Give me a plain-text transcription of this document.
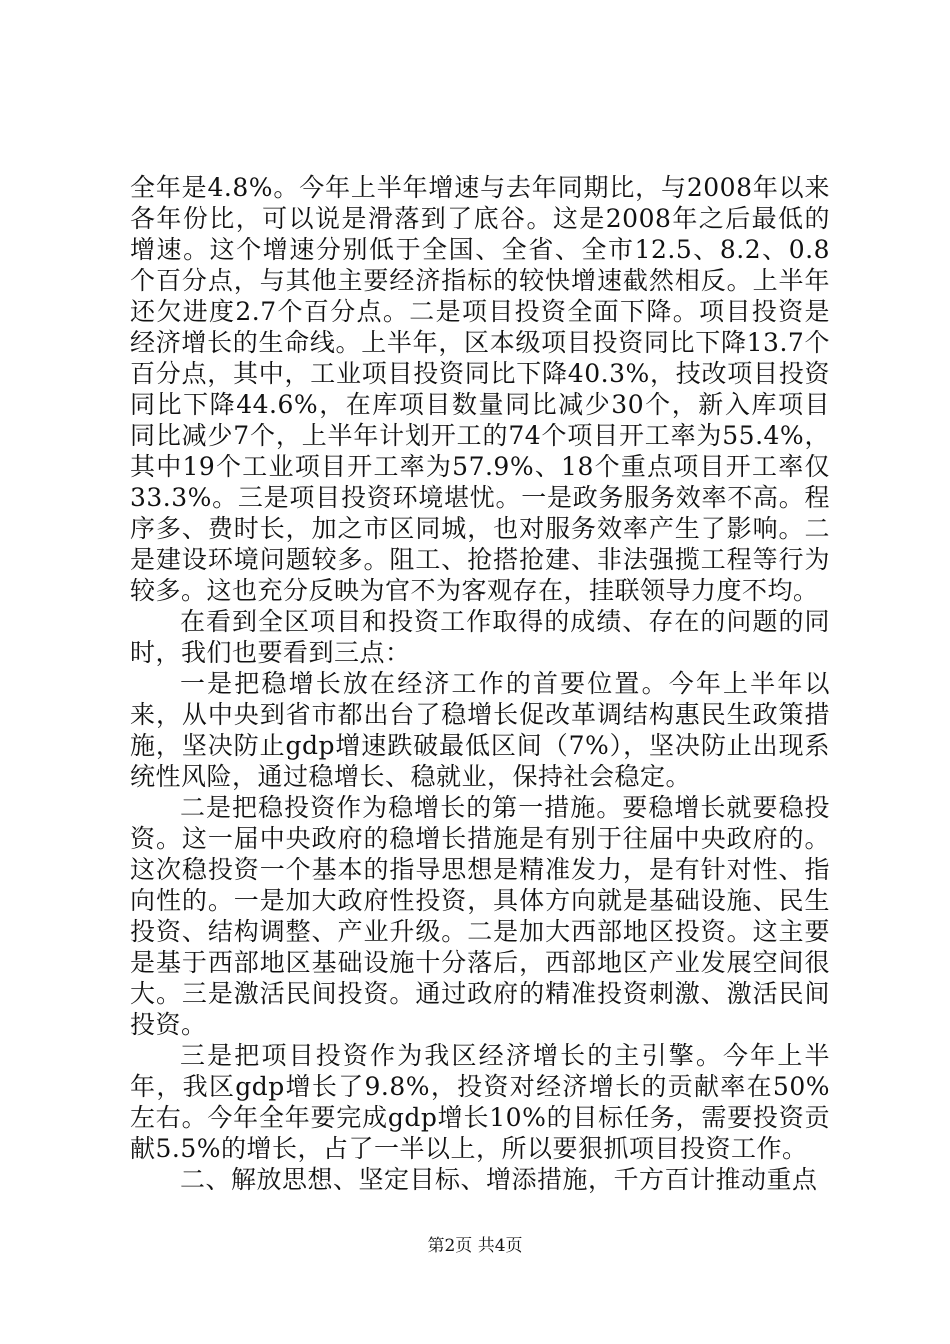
全年是4.8%。今年上半年增速与去年同期比，与2008年以来各年份比，可以说是滑落到了底谷。这是2008年之后最低的增速。这个增速分别低于全国、全省、全市12.5、8.2、0.8个百分点，与其他主要经济指标的较快增速截然相反。上半年还欠进度2.7个百分点。二是项目投资全面下降。项目投资是经济增长的生命线。上半年，区本级项目投资同比下降13.7个百分点，其中，工业项目投资同比下降40.3%，技改项目投资同比下降44.6%，在库项目数量同比减少30个，新入库项目同比减少7个，上半年计划开工的74个项目开工率为55.4%，其中19个工业项目开工率为57.9%、18个重点项目开工率仅33.3%。三是项目投资环境堪忧。一是政务服务效率不高。程序多、费时长，加之市区同城，也对服务效率产生了影响。二是建设环境问题较多。阻工、抢搭抢建、非法强揽工程等行为较多。这也充分反映为官不为客观存在，挂联领导力度不均。

在看到全区项目和投资工作取得的成绩、存在的问题的同时，我们也要看到三点：

一是把稳增长放在经济工作的首要位置。今年上半年以来，从中央到省市都出台了稳增长促改革调结构惠民生政策措施，坚决防止gdp增速跌破最低区间（7%），坚决防止出现系统性风险，通过稳增长、稳就业，保持社会稳定。

二是把稳投资作为稳增长的第一措施。要稳增长就要稳投资。这一届中央政府的稳增长措施是有别于往届中央政府的。这次稳投资一个基本的指导思想是精准发力，是有针对性、指向性的。一是加大政府性投资，具体方向就是基础设施、民生投资、结构调整、产业升级。二是加大西部地区投资。这主要是基于西部地区基础设施十分落后，西部地区产业发展空间很大。三是激活民间投资。通过政府的精准投资刺激、激活民间投资。

三是把项目投资作为我区经济增长的主引擎。今年上半年，我区gdp增长了9.8%，投资对经济增长的贡献率在50%左右。今年全年要完成gdp增长10%的目标任务，需要投资贡献5.5%的增长，占了一半以上，所以要狠抓项目投资工作。

二、解放思想、坚定目标、增添措施，千方百计推动重点

第2页 共4页
